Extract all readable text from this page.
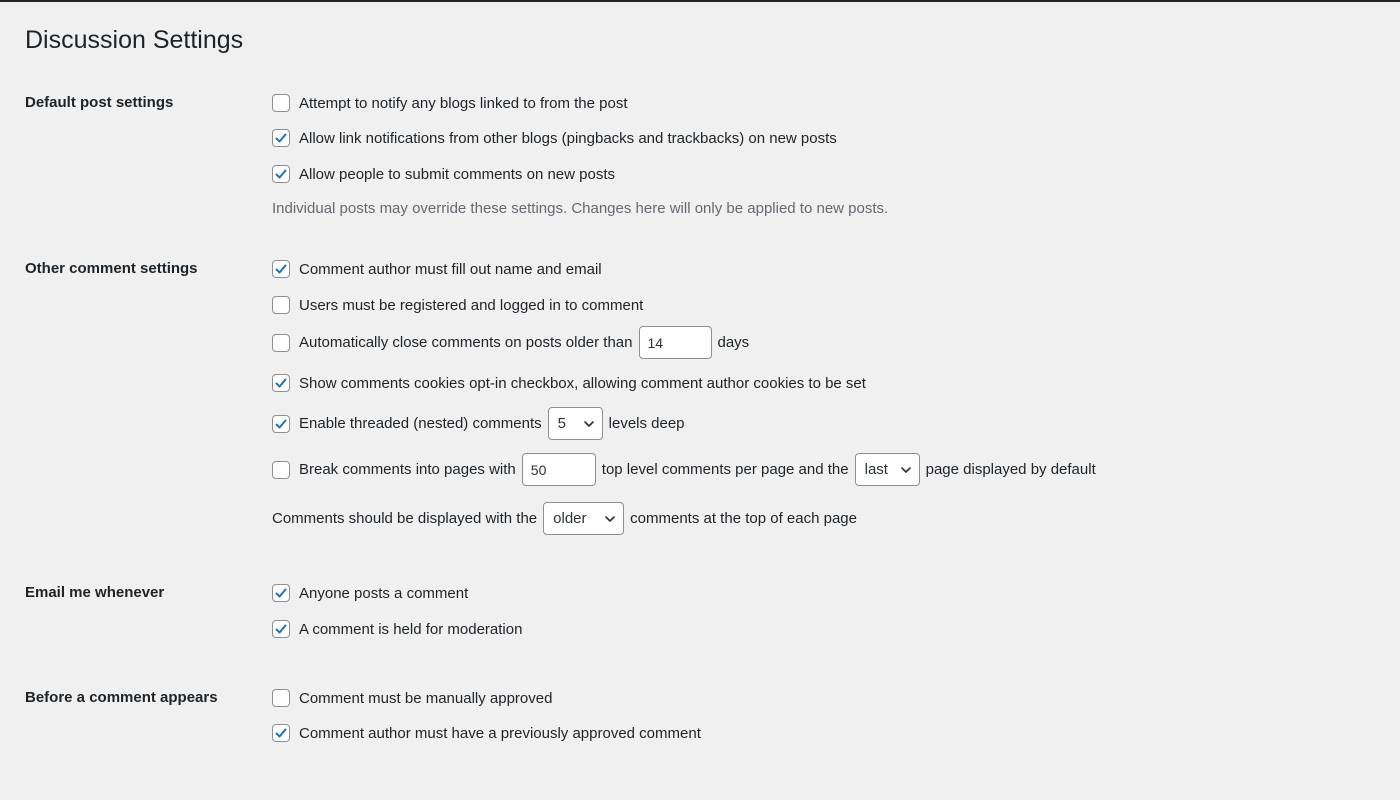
Discussion Settings
Default post settings	Attempt to notify any blogs linked to from the post
Allow link notifications from other blogs (pingbacks and trackbacks) on new posts
Allow people to submit comments on new posts
Individual posts may override these settings. Changes here will only be applied to new posts.
Other comment settings	Comment author must fill out name and email
Users must be registered and logged in to comment
Automatically close comments on posts older than	14	days
Show comments cookies opt-in checkbox, allowing comment author cookies to be set
Enable threaded (nested) comments 5	levels deep
Break comments into pages with	50	top level comments per page and the last	page displayed by default
Comments should be displayed with the older	comments at the top of each page
Email me whenever	Anyone posts a comment
A comment is held for moderation
Before a comment appears	Comment must be manually approved
Comment author must have a previously approved comment
